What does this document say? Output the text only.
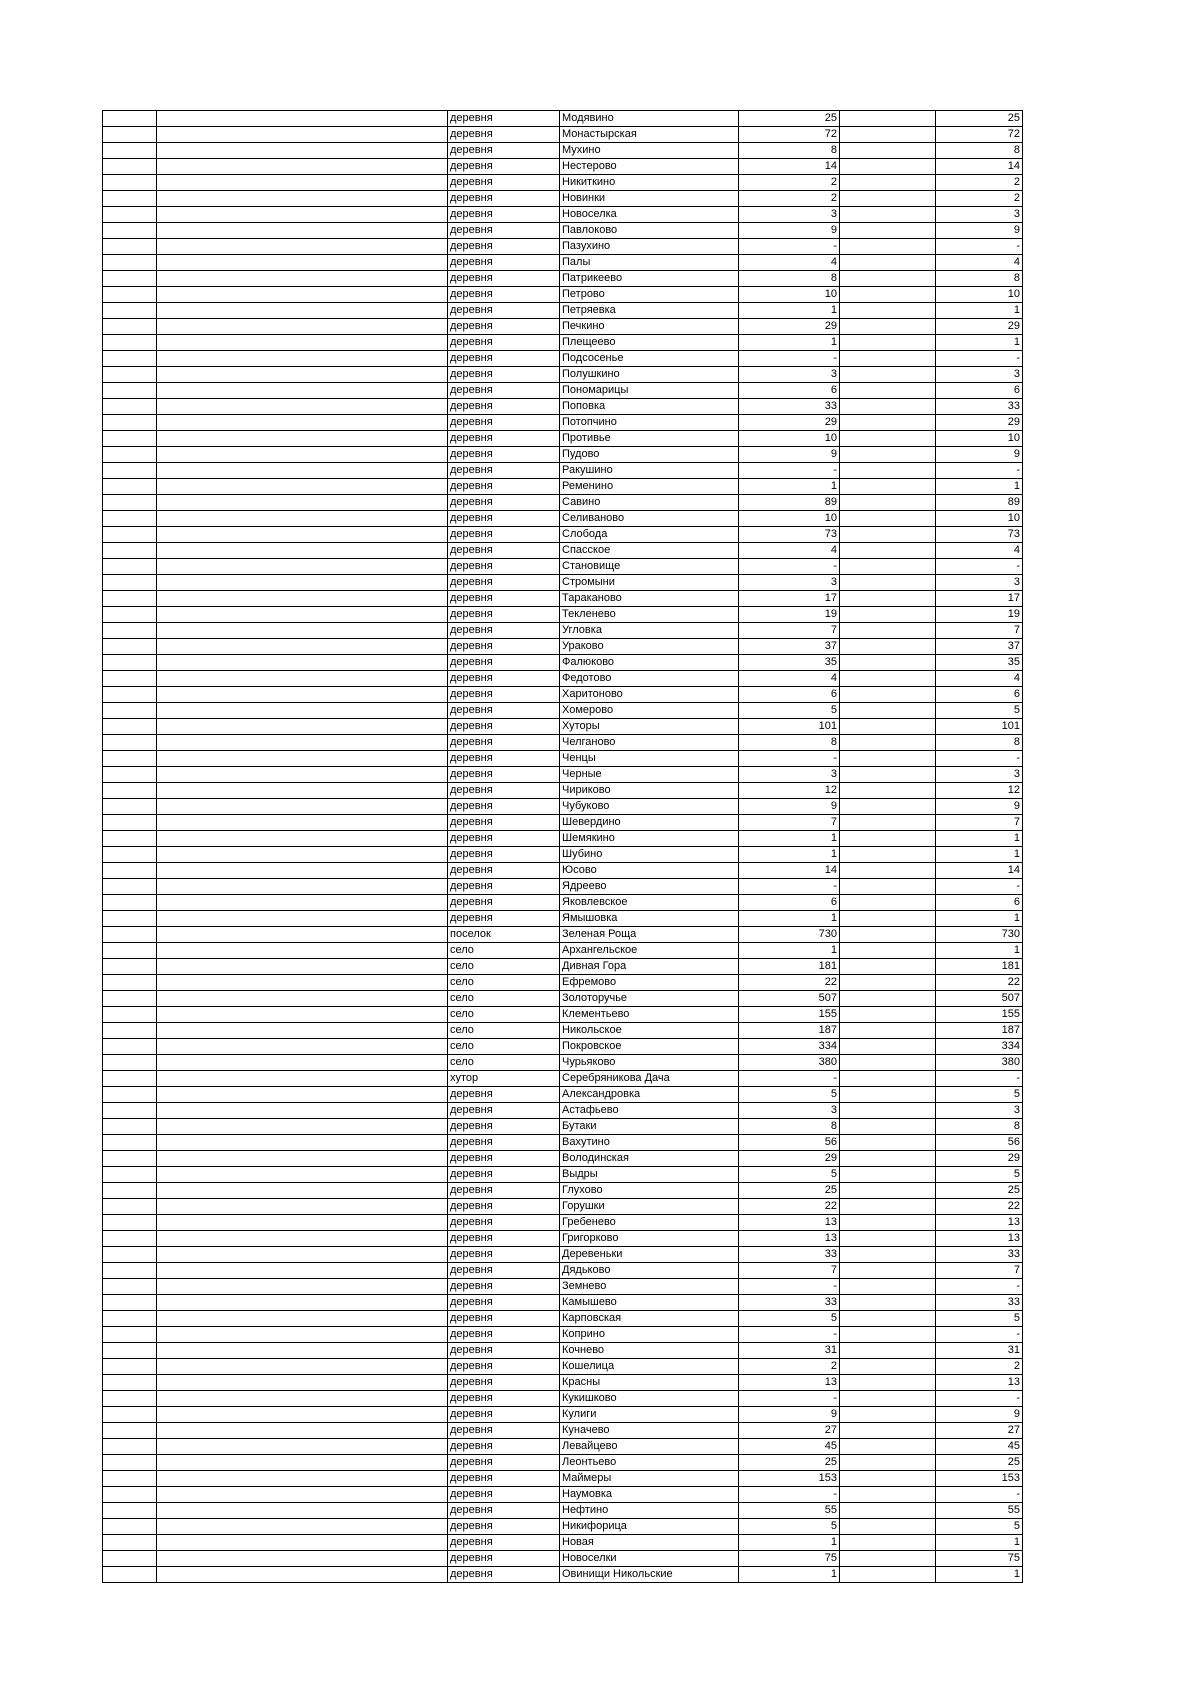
		деревня	Модявино	25		25
		деревня	Монастырская	72		72
		деревня	Мухино	8		8
		деревня	Нестерово	14		14
		деревня	Никиткино	2		2
		деревня	Новинки	2		2
		деревня	Новоселка	3		3
		деревня	Павлоково	9		9
		деревня	Пазухино	-		-
		деревня	Палы	4		4
		деревня	Патрикеево	8		8
		деревня	Петрово	10		10
		деревня	Петряевка	1		1
		деревня	Печкино	29		29
		деревня	Плещеево	1		1
		деревня	Подсосенье	-		-
		деревня	Полушкино	3		3
		деревня	Пономарицы	6		6
		деревня	Поповка	33		33
		деревня	Потопчино	29		29
		деревня	Противье	10		10
		деревня	Пудово	9		9
		деревня	Ракушино	-		-
		деревня	Ременино	1		1
		деревня	Савино	89		89
		деревня	Селиваново	10		10
		деревня	Слобода	73		73
		деревня	Спасское	4		4
		деревня	Становище	-		-
		деревня	Стромыни	3		3
		деревня	Тараканово	17		17
		деревня	Текленево	19		19
		деревня	Угловка	7		7
		деревня	Ураково	37		37
		деревня	Фалюково	35		35
		деревня	Федотово	4		4
		деревня	Харитоново	6		6
		деревня	Хомерово	5		5
		деревня	Хуторы	101		101
		деревня	Челганово	8		8
		деревня	Ченцы	-		-
		деревня	Черные	3		3
		деревня	Чириково	12		12
		деревня	Чубуково	9		9
		деревня	Шевердино	7		7
		деревня	Шемякино	1		1
		деревня	Шубино	1		1
		деревня	Юсово	14		14
		деревня	Ядреево	-		-
		деревня	Яковлевское	6		6
		деревня	Ямышовка	1		1
		поселок	Зеленая Роща	730		730
		село	Архангельское	1		1
		село	Дивная Гора	181		181
		село	Ефремово	22		22
		село	Золоторучье	507		507
		село	Клементьево	155		155
		село	Никольское	187		187
		село	Покровское	334		334
		село	Чурьяково	380		380
		хутор	Серебряникова Дача	-		-
		деревня	Александровка	5		5
		деревня	Астафьево	3		3
		деревня	Бутаки	8		8
		деревня	Вахутино	56		56
		деревня	Володинская	29		29
		деревня	Выдры	5		5
		деревня	Глухово	25		25
		деревня	Горушки	22		22
		деревня	Гребенево	13		13
		деревня	Григорково	13		13
		деревня	Деревеньки	33		33
		деревня	Дядьково	7		7
		деревня	Земнево	-		-
		деревня	Камышево	33		33
		деревня	Карповская	5		5
		деревня	Коприно	-		-
		деревня	Кочнево	31		31
		деревня	Кошелица	2		2
		деревня	Красны	13		13
		деревня	Кукишково	-		-
		деревня	Кулиги	9		9
		деревня	Куначево	27		27
		деревня	Левайцево	45		45
		деревня	Леонтьево	25		25
		деревня	Маймеры	153		153
		деревня	Наумовка	-		-
		деревня	Нефтино	55		55
		деревня	Никифорица	5		5
		деревня	Новая	1		1
		деревня	Новоселки	75		75
		деревня	Овинищи Никольские	1		1
